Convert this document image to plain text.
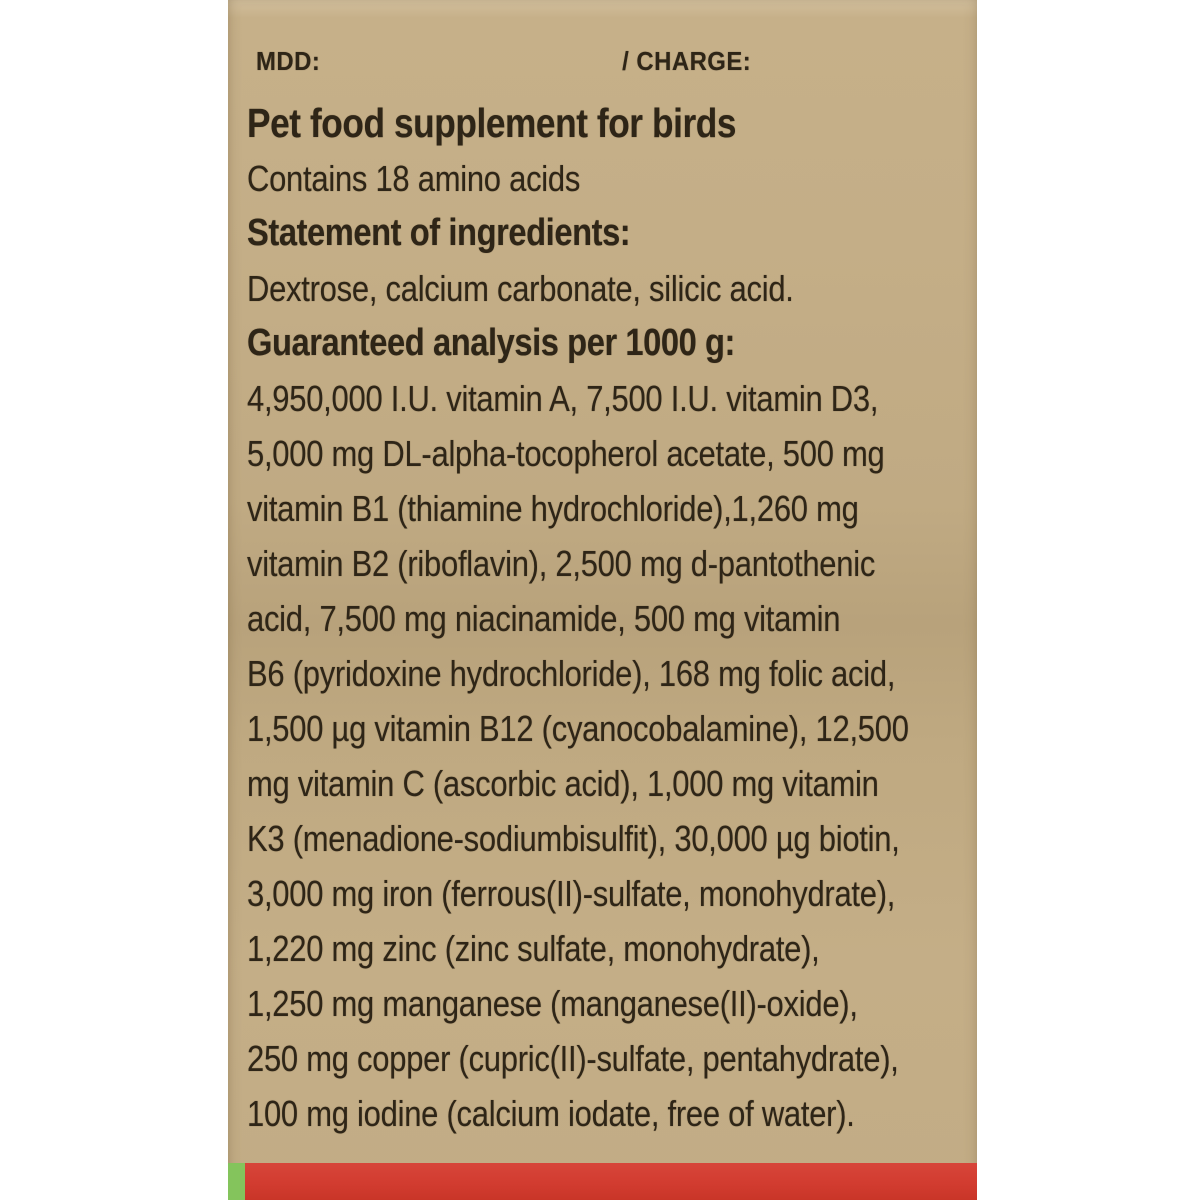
MDD:	/ CHARGE:
Pet food supplement for birds
Contains 18 amino acids
Statement of ingredients:
Dextrose, calcium carbonate, silicic acid.
Guaranteed analysis per 1000 g:
4,950,000 I.U. vitamin A, 7,500 I.U. vitamin D3,
5,000 mg DL-alpha-tocopherol acetate, 500 mg
vitamin B1 (thiamine hydrochloride),1,260 mg
vitamin B2 (riboflavin), 2,500 mg d-pantothenic
acid, 7,500 mg niacinamide, 500 mg vitamin
B6 (pyridoxine hydrochloride), 168 mg folic acid,
1,500 µg vitamin B12 (cyanocobalamine), 12,500
mg vitamin C (ascorbic acid), 1,000 mg vitamin
K3 (menadione-sodiumbisulfit), 30,000 µg biotin,
3,000 mg iron (ferrous(II)-sulfate, monohydrate),
1,220 mg zinc (zinc sulfate, monohydrate),
1,250 mg manganese (manganese(II)-oxide),
250 mg copper (cupric(II)-sulfate, pentahydrate),
100 mg iodine (calcium iodate, free of water).
